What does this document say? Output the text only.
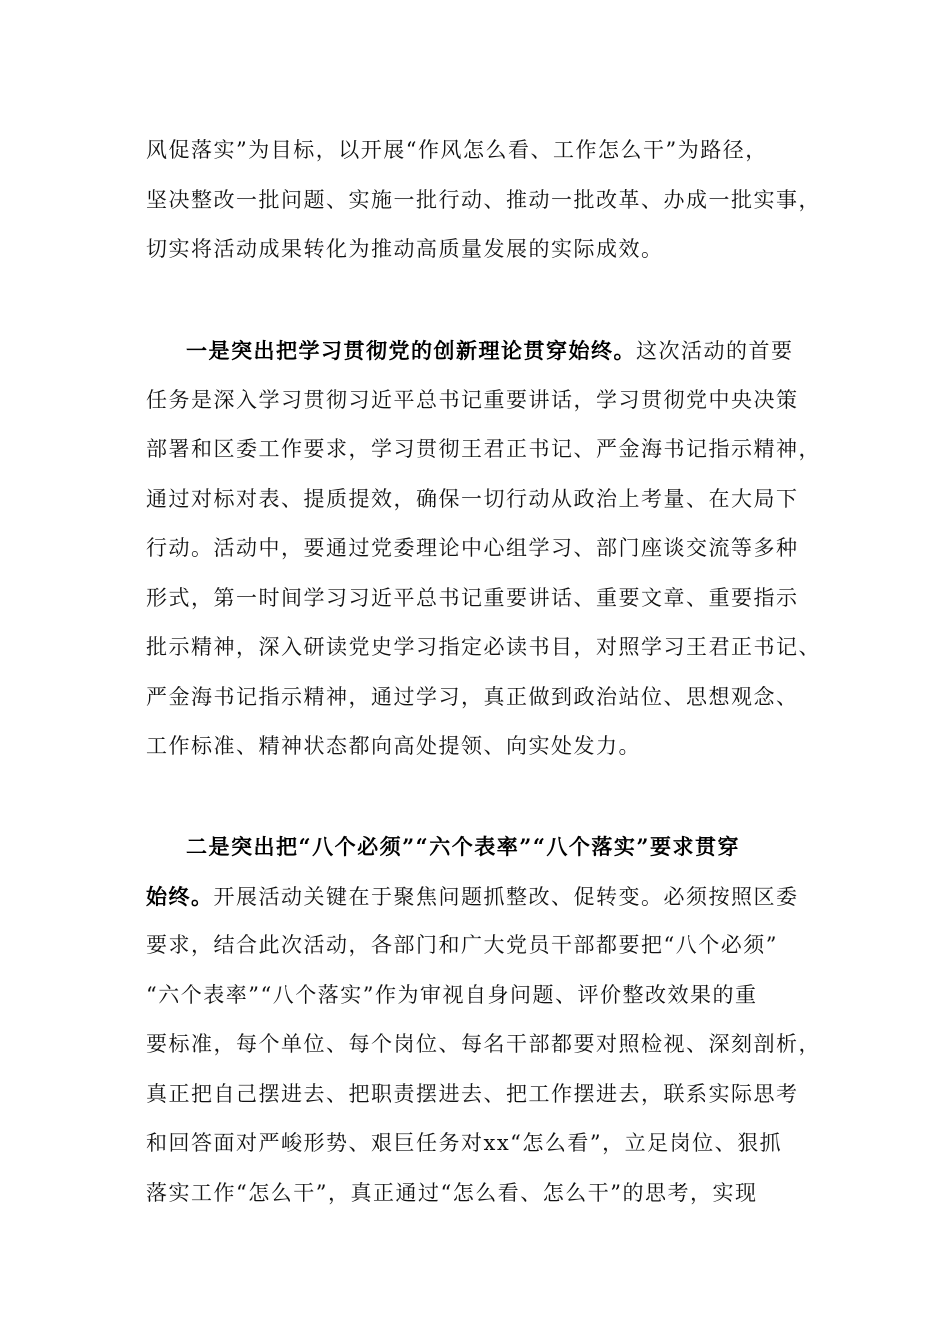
风促落实”为目标，以开展“作风怎么看、工作怎么干”为路径，
坚决整改一批问题、实施一批行动、推动一批改革、办成一批实事，
切实将活动成果转化为推动高质量发展的实际成效。
一是突出把学习贯彻党的创新理论贯穿始终。这次活动的首要
任务是深入学习贯彻习近平总书记重要讲话，学习贯彻党中央决策
部署和区委工作要求，学习贯彻王君正书记、严金海书记指示精神，
通过对标对表、提质提效，确保一切行动从政治上考量、在大局下
行动。活动中，要通过党委理论中心组学习、部门座谈交流等多种
形式，第一时间学习习近平总书记重要讲话、重要文章、重要指示
批示精神，深入研读党史学习指定必读书目，对照学习王君正书记、
严金海书记指示精神，通过学习，真正做到政治站位、思想观念、
工作标准、精神状态都向高处提领、向实处发力。
二是突出把“八个必须”“六个表率”“八个落实”要求贯穿
始终。开展活动关键在于聚焦问题抓整改、促转变。必须按照区委
要求，结合此次活动，各部门和广大党员干部都要把“八个必须”
“六个表率”“八个落实”作为审视自身问题、评价整改效果的重
要标准，每个单位、每个岗位、每名干部都要对照检视、深刻剖析，
真正把自己摆进去、把职责摆进去、把工作摆进去，联系实际思考
和回答面对严峻形势、艰巨任务对xx“怎么看”，立足岗位、狠抓
落实工作“怎么干”，真正通过“怎么看、怎么干”的思考，实现
